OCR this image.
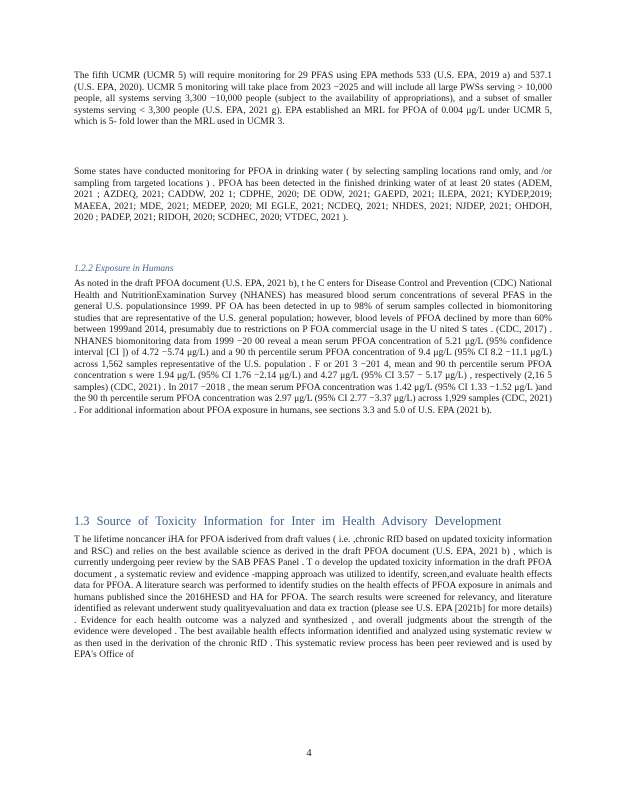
The fifth UCMR (UCMR 5) will require monitoring for 29 PFAS using EPA methods 533 (U.S. EPA, 2019 a) and 537.1 (U.S. EPA, 2020). UCMR 5 monitoring will take place from 2023 −2025 and will include all large PWSs serving > 10,000 people, all systems serving 3,300 −10,000 people (subject to the availability of appropriations), and a subset of smaller systems serving < 3,300 people (U.S. EPA, 2021 g). EPA established an MRL for PFOA of 0.004 μg/L under UCMR 5, which is 5- fold lower than the MRL used in UCMR 3.

Some states have conducted monitoring for PFOA in drinking water ( by selecting sampling locations rand omly, and /or sampling from targeted locations ) . PFOA has been detected in the finished drinking water of at least 20 states (ADEM, 2021 ; AZDEQ, 2021; CADDW, 202 1; CDPHE, 2020; DE ODW, 2021; GAEPD, 2021; ILEPA, 2021; KYDEP,2019; MAEEA, 2021; MDE, 2021; MEDEP, 2020; MI EGLE, 2021; NCDEQ, 2021; NHDES, 2021; NJDEP, 2021; OHDOH, 2020 ; PADEP, 2021; RIDOH, 2020; SCDHEC, 2020; VTDEC, 2021 ).

1.2.2 Exposure in Humans

As noted in the draft PFOA document (U.S. EPA, 2021 b), t he C enters for Disease Control and Prevention (CDC) National Health and NutritionExamination Survey (NHANES) has measured blood serum concentrations of several PFAS in the general U.S. populationsince 1999. PF OA has been detected in up to 98% of serum samples collected in biomonitoring studies that are representative of the U.S. general population; however, blood levels of PFOA declined by more than 60% between 1999and 2014, presumably due to restrictions on P FOA commercial usage in the U nited S tates . (CDC, 2017) . NHANES biomonitoring data from 1999 −20 00 reveal a mean serum PFOA concentration of 5.21 μg/L (95% confidence interval [CI ]) of 4.72 −5.74 μg/L) and a 90 th percentile serum PFOA concentration of 9.4 μg/L (95% CI 8.2 −11.1 μg/L) across 1,562 samples representative of the U.S. population . F or 201 3 −201 4, mean and 90 th percentile serum PFOA concentration s were 1.94 μg/L (95% CI 1.76 −2.14 μg/L) and 4.27 μg/L (95% CI 3.57 − 5.17 μg/L) , respectively (2,16 5 samples) (CDC, 2021) . In 2017 −2018 , the mean serum PFOA concentration was 1.42 μg/L (95% CI 1.33 −1.52 μg/L )and the 90 th percentile serum PFOA concentration was 2.97 μg/L (95% CI 2.77 −3.37 μg/L) across 1,929 samples (CDC, 2021) . For additional information about PFOA exposure in humans, see sections 3.3 and 5.0 of U.S. EPA (2021 b).

1.3 Source of Toxicity Information for Inter im Health Advisory Development

T he lifetime noncancer iHA for PFOA isderived from draft values ( i.e. ,chronic RfD based on updated toxicity information and RSC) and relies on the best available science as derived in the draft PFOA document (U.S. EPA, 2021 b) , which is currently undergoing peer review by the SAB PFAS Panel . T o develop the updated toxicity information in the draft PFOA document , a systematic review and evidence -mapping approach was utilized to identify, screen,and evaluate health effects data for PFOA. A literature search was performed to identify studies on the health effects of PFOA exposure in animals and humans published since the 2016HESD and HA for PFOA. The search results were screened for relevancy, and literature identified as relevant underwent study qualityevaluation and data ex traction (please see U.S. EPA [2021b] for more details) . Evidence for each health outcome was a nalyzed and synthesized , and overall judgments about the strength of the evidence were developed . The best available health effects information identified and analyzed using systematic review w as then used in the derivation of the chronic RfD . This systematic review process has been peer reviewed and is used by EPA's Office of

4
